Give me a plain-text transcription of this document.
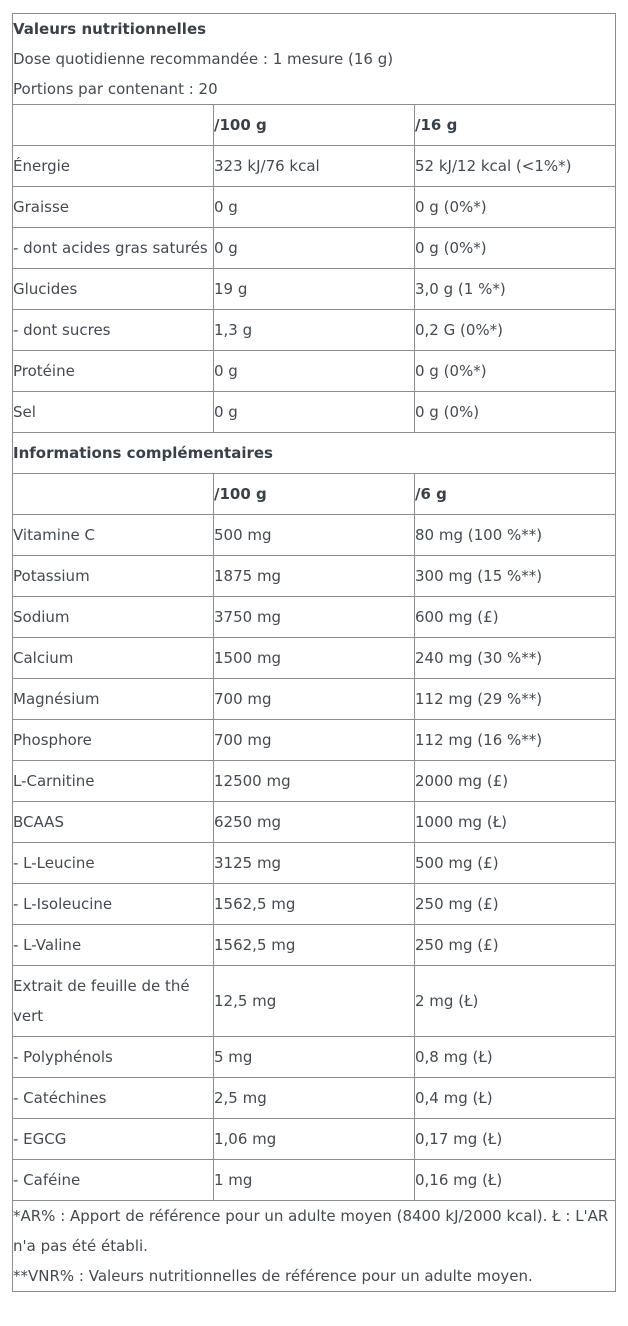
Valeurs nutritionnelles
Dose quotidienne recommandée : 1 mesure (16 g)
Portions par contenant : 20		

	/100 g	/16 g
Énergie	323 kJ/76 kcal	52 kJ/12 kcal (<1%*)
Graisse	0 g	0 g (0%*)
- dont acides gras saturés	0 g	0 g (0%*)
Glucides	19 g	3,0 g (1 %*)
- dont sucres	1,3 g	0,2 G (0%*)
Protéine	0 g	0 g (0%*)
Sel	0 g	0 g (0%)
Informations complémentaires		
	/100 g	/6 g
Vitamine C	500 mg	80 mg (100 %**)
Potassium	1875 mg	300 mg (15 %**)
Sodium	3750 mg	600 mg (£)
Calcium	1500 mg	240 mg (30 %**)
Magnésium	700 mg	112 mg (29 %**)
Phosphore	700 mg	112 mg (16 %**)
L-Carnitine	12500 mg	2000 mg (£)
BCAAS	6250 mg	1000 mg (Ł)
- L-Leucine	3125 mg	500 mg (£)
- L-Isoleucine	1562,5 mg	250 mg (£)
- L-Valine	1562,5 mg	250 mg (£)
Extrait de feuille de thé vert	12,5 mg	2 mg (Ł)
- Polyphénols	5 mg	0,8 mg (Ł)
- Catéchines	2,5 mg	0,4 mg (Ł)
- EGCG	1,06 mg	0,17 mg (Ł)
- Caféine	1 mg	0,16 mg (Ł)

*AR% : Apport de référence pour un adulte moyen (8400 kJ/2000 kcal). Ł : L'AR n'a pas été établi.
**VNR% : Valeurs nutritionnelles de référence pour un adulte moyen.		
